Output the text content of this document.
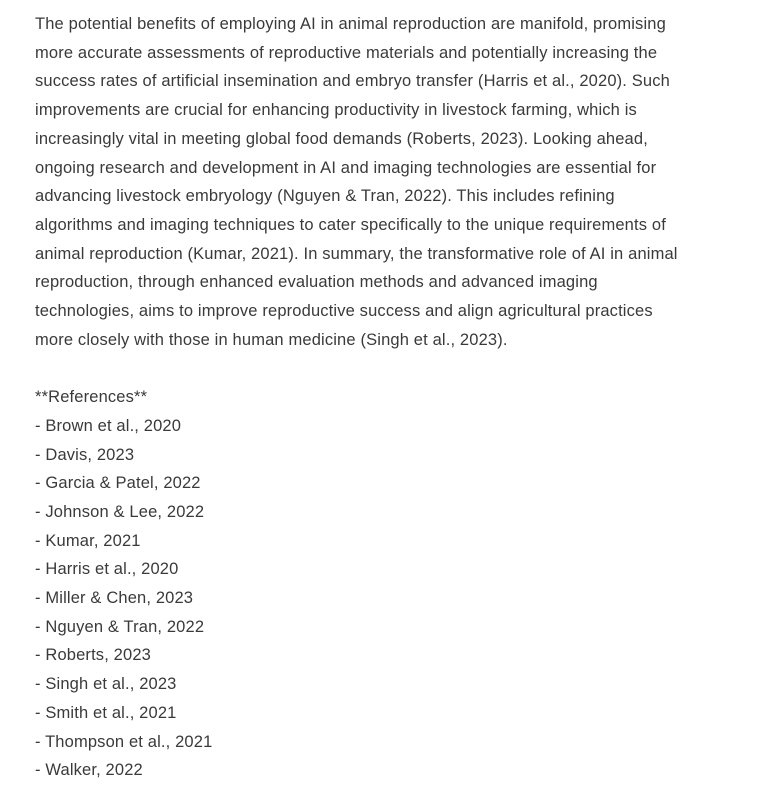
The potential benefits of employing AI in animal reproduction are manifold, promising
more accurate assessments of reproductive materials and potentially increasing the
success rates of artificial insemination and embryo transfer (Harris et al., 2020). Such
improvements are crucial for enhancing productivity in livestock farming, which is
increasingly vital in meeting global food demands (Roberts, 2023). Looking ahead,
ongoing research and development in AI and imaging technologies are essential for
advancing livestock embryology (Nguyen & Tran, 2022). This includes refining
algorithms and imaging techniques to cater specifically to the unique requirements of
animal reproduction (Kumar, 2021). In summary, the transformative role of AI in animal
reproduction, through enhanced evaluation methods and advanced imaging
technologies, aims to improve reproductive success and align agricultural practices
more closely with those in human medicine (Singh et al., 2023).

**References**
- Brown et al., 2020
- Davis, 2023
- Garcia & Patel, 2022
- Johnson & Lee, 2022
- Kumar, 2021
- Harris et al., 2020
- Miller & Chen, 2023
- Nguyen & Tran, 2022
- Roberts, 2023
- Singh et al., 2023
- Smith et al., 2021
- Thompson et al., 2021
- Walker, 2022
